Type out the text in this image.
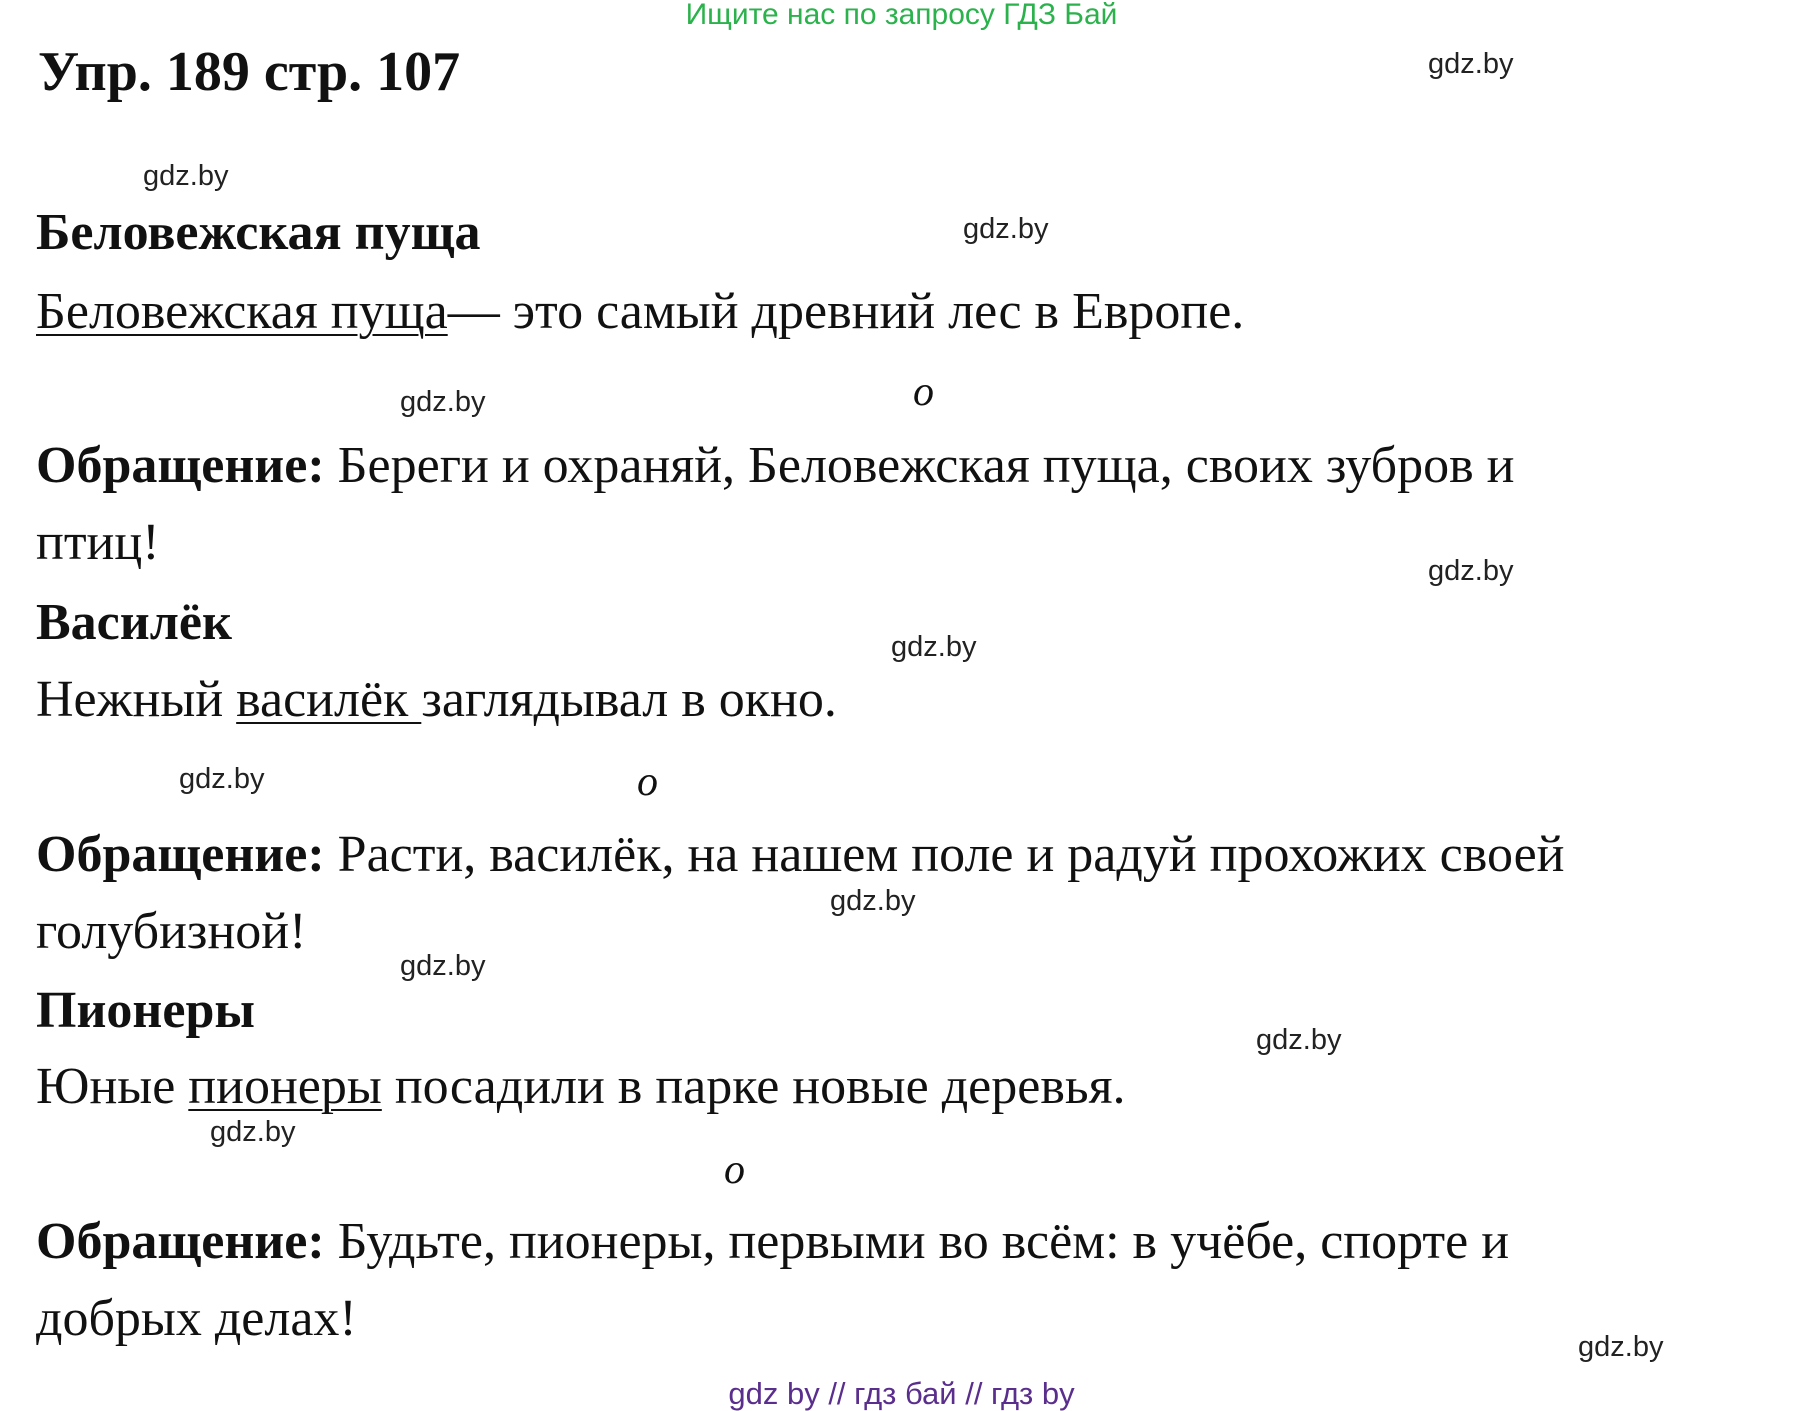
Ищите нас по запросу ГДЗ Бай
Упр. 189 стр. 107
Беловежская пуща

Беловежская пуща— это самый древний лес в Европе.

о

Обращение: Береги и охраняй, Беловежская пуща, своих зубров и

птиц!

Василёк

Нежный василёк заглядывал в окно.

о

Обращение: Расти, василёк, на нашем поле и радуй прохожих своей

голубизной!

Пионеры

Юные пионеры посадили в парке новые деревья.

о

Обращение: Будьте, пионеры, первыми во всём: в учёбе, спорте и

добрых делах!

gdz.by
gdz.by
gdz.by
gdz.by
gdz.by
gdz.by
gdz.by
gdz.by
gdz.by
gdz.by
gdz.by
gdz.by
gdz by // гдз бай // гдз by
